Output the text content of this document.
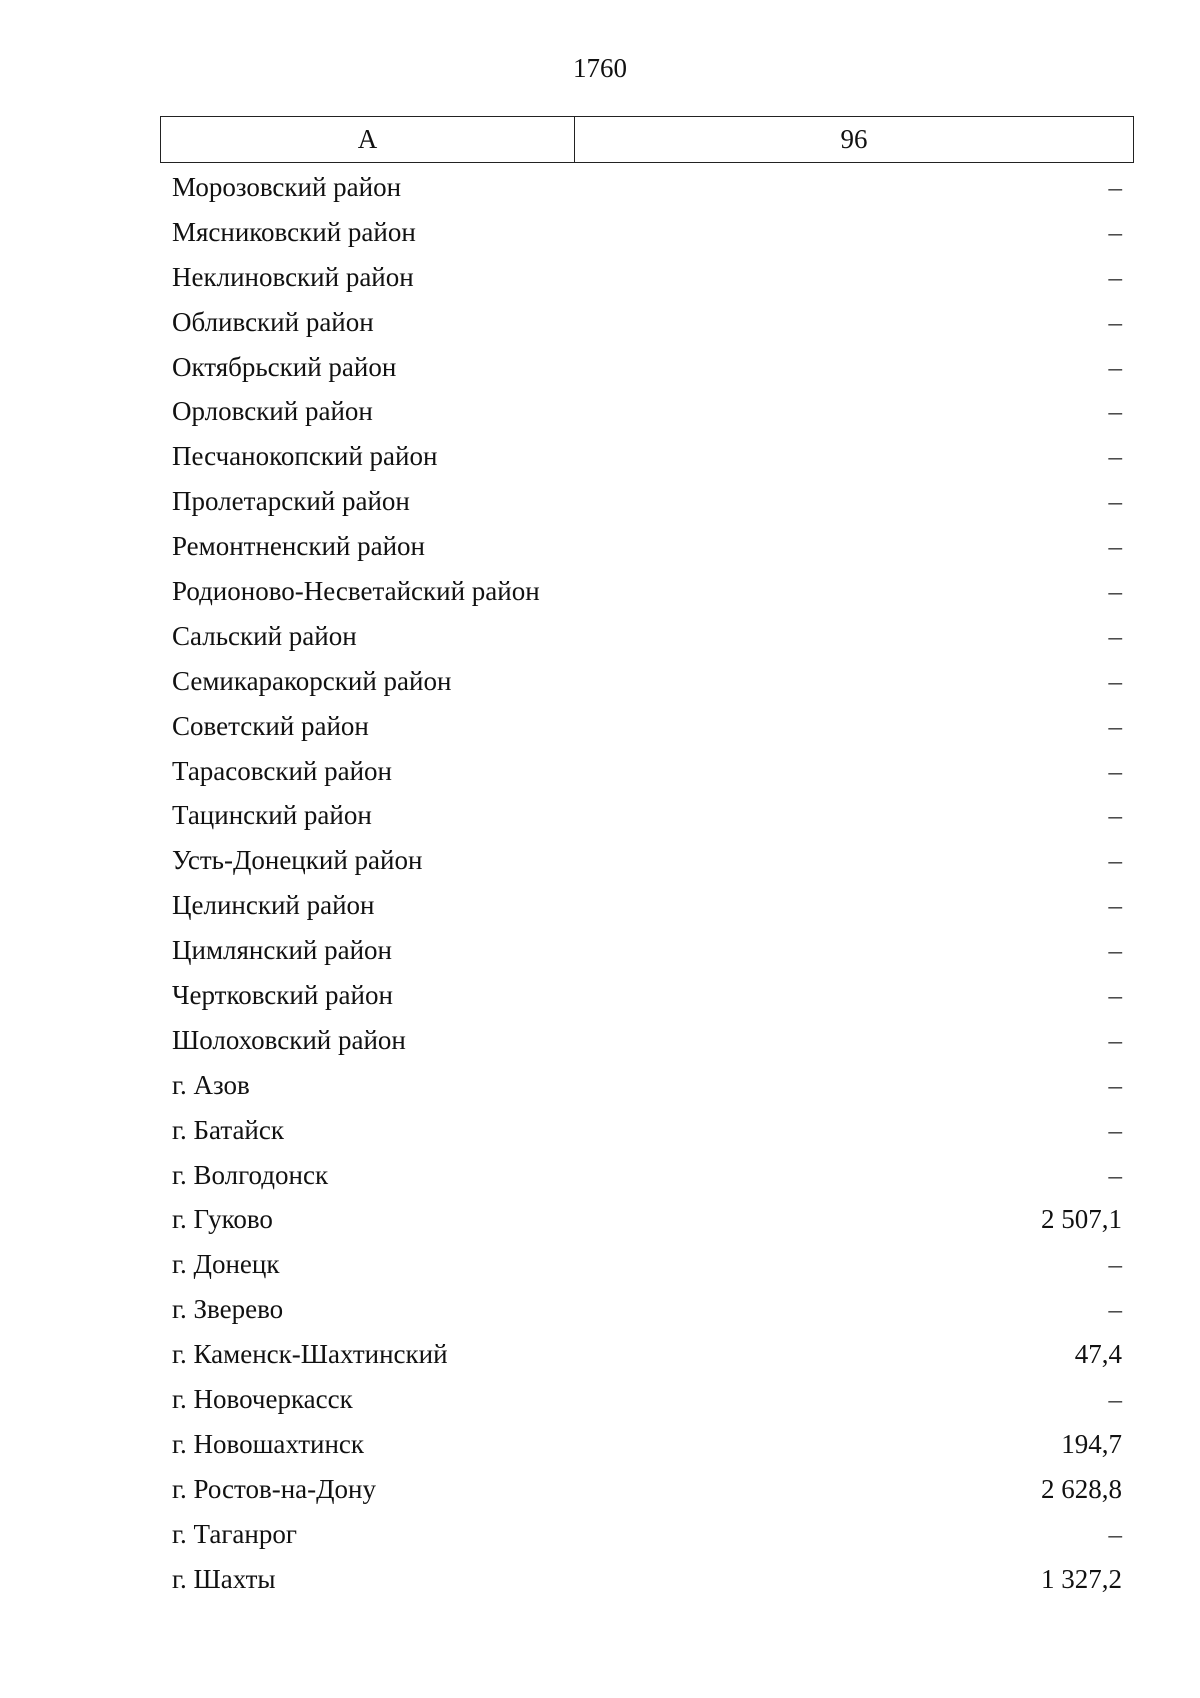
1760
А	96
Морозовский район	–
Мясниковский район	–
Неклиновский район	–
Обливский район	–
Октябрьский район	–
Орловский район	–
Песчанокопский район	–
Пролетарский район	–
Ремонтненский район	–
Родионово-Несветайский район	–
Сальский район	–
Семикаракорский район	–
Советский район	–
Тарасовский район	–
Тацинский район	–
Усть-Донецкий район	–
Целинский район	–
Цимлянский район	–
Чертковский район	–
Шолоховский район	–
г. Азов	–
г. Батайск	–
г. Волгодонск	–
г. Гуково	2 507,1
г. Донецк	–
г. Зверево	–
г. Каменск-Шахтинский	47,4
г. Новочеркасск	–
г. Новошахтинск	194,7
г. Ростов-на-Дону	2 628,8
г. Таганрог	–
г. Шахты	1 327,2
